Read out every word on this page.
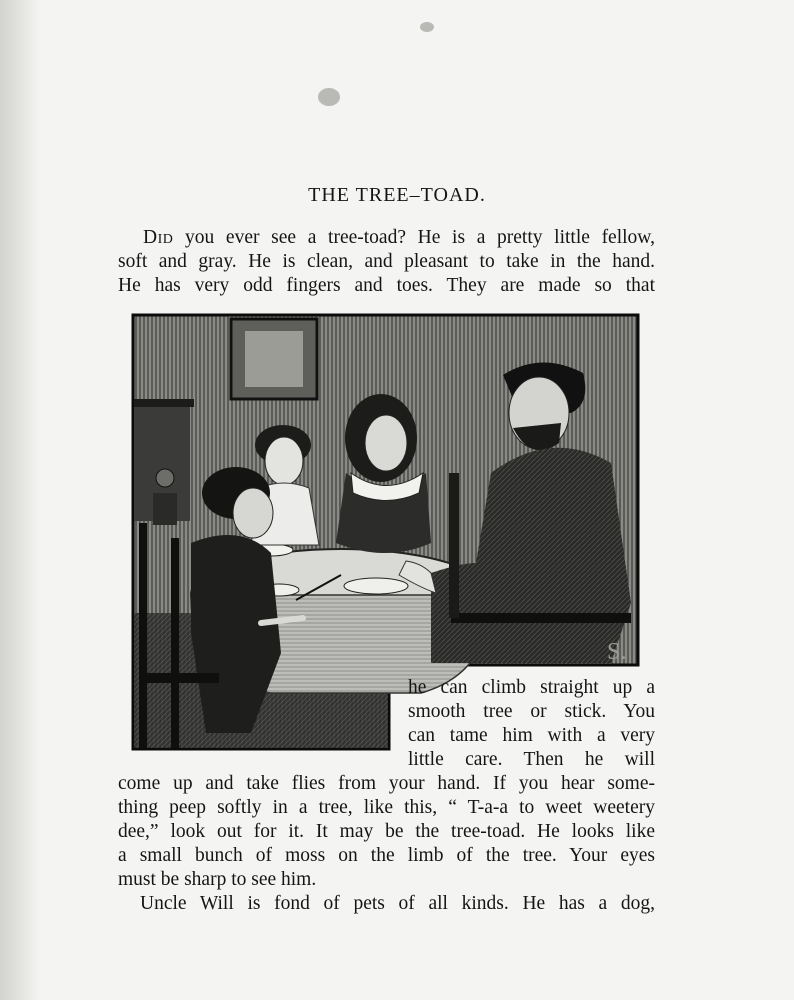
THE TREE–TOAD.
Did you ever see a tree-toad? He is a pretty little fellow,
soft and gray. He is clean, and pleasant to take in the hand.
He has very odd fingers and toes. They are made so that
S.
he can climb straight up a
smooth tree or stick. You
can tame him with a very
little care. Then he will
come up and take flies from your hand. If you hear some-
thing peep softly in a tree, like this, “ T-a-a to weet weetery
dee,” look out for it. It may be the tree-toad. He looks like
a small bunch of moss on the limb of the tree. Your eyes
must be sharp to see him.
Uncle Will is fond of pets of all kinds. He has a dog,
